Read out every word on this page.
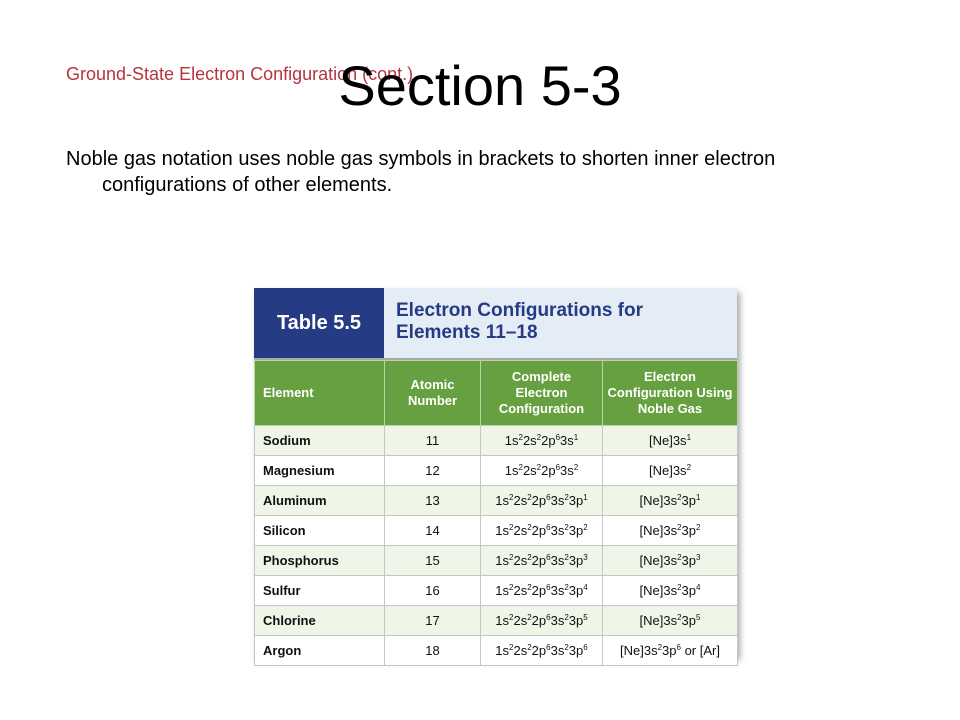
Ground-State Electron Configuration (cont.)
Section 5-3
Noble gas notation uses noble gas symbols in brackets to shorten inner electron configurations of other elements.
Table 5.5
Electron Configurations for Elements 11–18
Element	Atomic Number	Complete Electron Configuration	Electron Configuration Using Noble Gas
Sodium	11	$1s^22s^22p^63s^1$	$[Ne]3s^1$
Magnesium	12	$1s^22s^22p^63s^2$	$[Ne]3s^2$
Aluminum	13	$1s^22s^22p^63s^23p^1$	$[Ne]3s^23p^1$
Silicon	14	$1s^22s^22p^63s^23p^2$	$[Ne]3s^23p^2$
Phosphorus	15	$1s^22s^22p^63s^23p^3$	$[Ne]3s^23p^3$
Sulfur	16	$1s^22s^22p^63s^23p^4$	$[Ne]3s^23p^4$
Chlorine	17	$1s^22s^22p^63s^23p^5$	$[Ne]3s^23p^5$
Argon	18	$1s^22s^22p^63s^23p^6$	$[Ne]3s^23p^6$ or [Ar]
